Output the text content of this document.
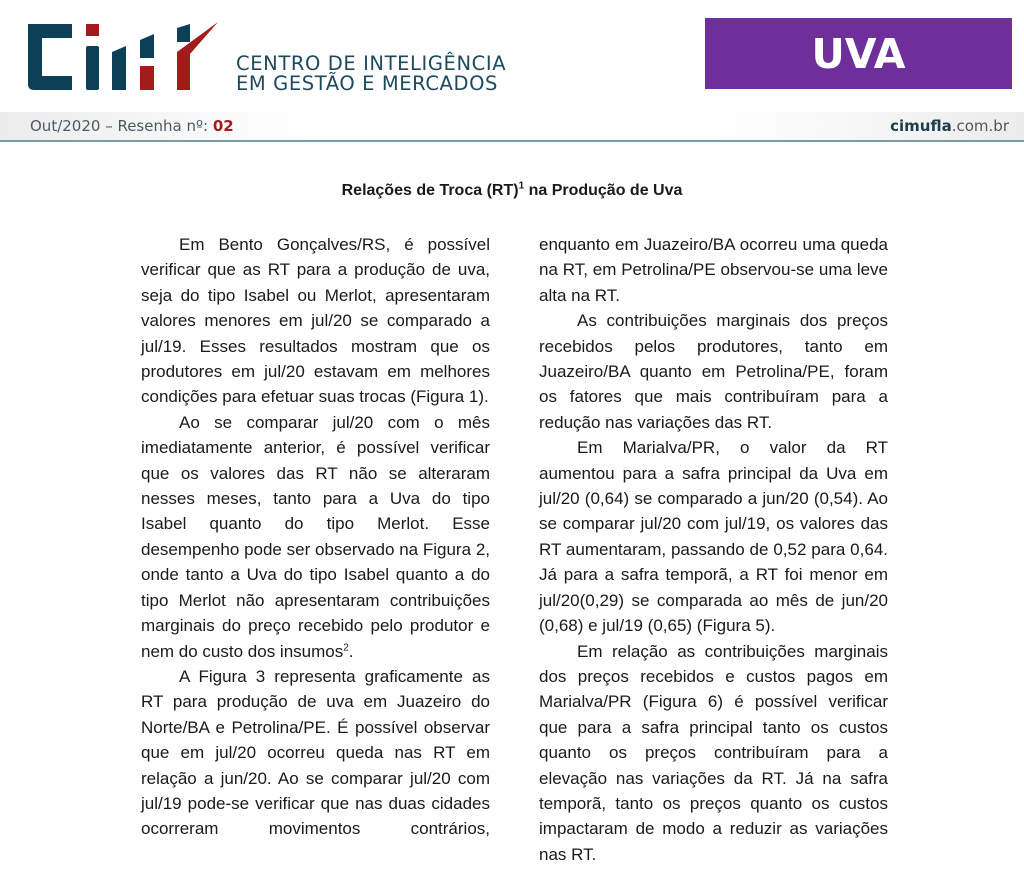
CENTRO DE INTELIGÊNCIA
EM GESTÃO E MERCADOS
UVA
Out/2020 – Resenha nº: 02	cimufla.com.br
Relações de Troca (RT)$^1$ na Produção de Uva

Em Bento Gonçalves/RS, é possível verificar que as RT para a produção de uva, seja do tipo Isabel ou Merlot, apresentaram valores menores em jul/20 se comparado a jul/19. Esses resultados mostram que os produtores em jul/20 estavam em melhores condições para efetuar suas trocas (Figura 1).

Ao se comparar jul/20 com o mês imediatamente anterior, é possível verificar que os valores das RT não se alteraram nesses meses, tanto para a Uva do tipo Isabel quanto do tipo Merlot. Esse desempenho pode ser observado na Figura 2, onde tanto a Uva do tipo Isabel quanto a do tipo Merlot não apresentaram contribuições marginais do preço recebido pelo produtor e nem do custo dos insumos$^2$.

A Figura 3 representa graficamente as RT para produção de uva em Juazeiro do Norte/BA e Petrolina/PE. É possível observar que em jul/20 ocorreu queda nas RT em relação a jun/20. Ao se comparar jul/20 com jul/19 pode-se verificar que nas duas cidades ocorreram movimentos contrários,

enquanto em Juazeiro/BA ocorreu uma queda na RT, em Petrolina/PE observou-se uma leve alta na RT.

As contribuições marginais dos preços recebidos pelos produtores, tanto em Juazeiro/BA quanto em Petrolina/PE, foram os fatores que mais contribuíram para a redução nas variações das RT.

Em Marialva/PR, o valor da RT aumentou para a safra principal da Uva em jul/20 (0,64) se comparado a jun/20 (0,54). Ao se comparar jul/20 com jul/19, os valores das RT aumentaram, passando de 0,52 para 0,64. Já para a safra temporã, a RT foi menor em jul/20(0,29) se comparada ao mês de jun/20 (0,68) e jul/19 (0,65) (Figura 5).

Em relação as contribuições marginais dos preços recebidos e custos pagos em Marialva/PR (Figura 6) é possível verificar que para a safra principal tanto os custos quanto os preços contribuíram para a elevação nas variações da RT. Já na safra temporã, tanto os preços quanto os custos impactaram de modo a reduzir as variações nas RT.
